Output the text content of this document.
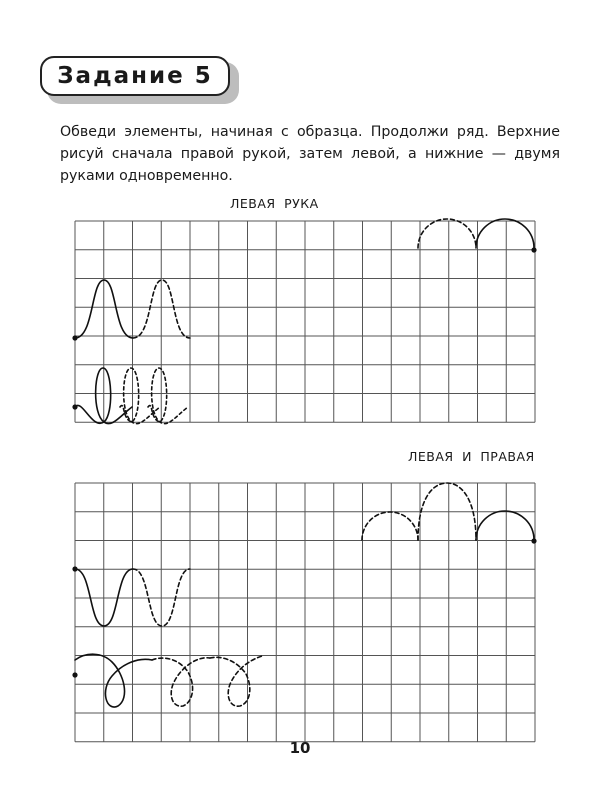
Задание 5

Обведи элементы, начиная с образца. Продолжи ряд. Верхние рисуй сначала правой рукой, затем левой, а нижние — двумя руками одновременно.

ЛЕВАЯ РУКА
ЛЕВАЯ И ПРАВАЯ
10
